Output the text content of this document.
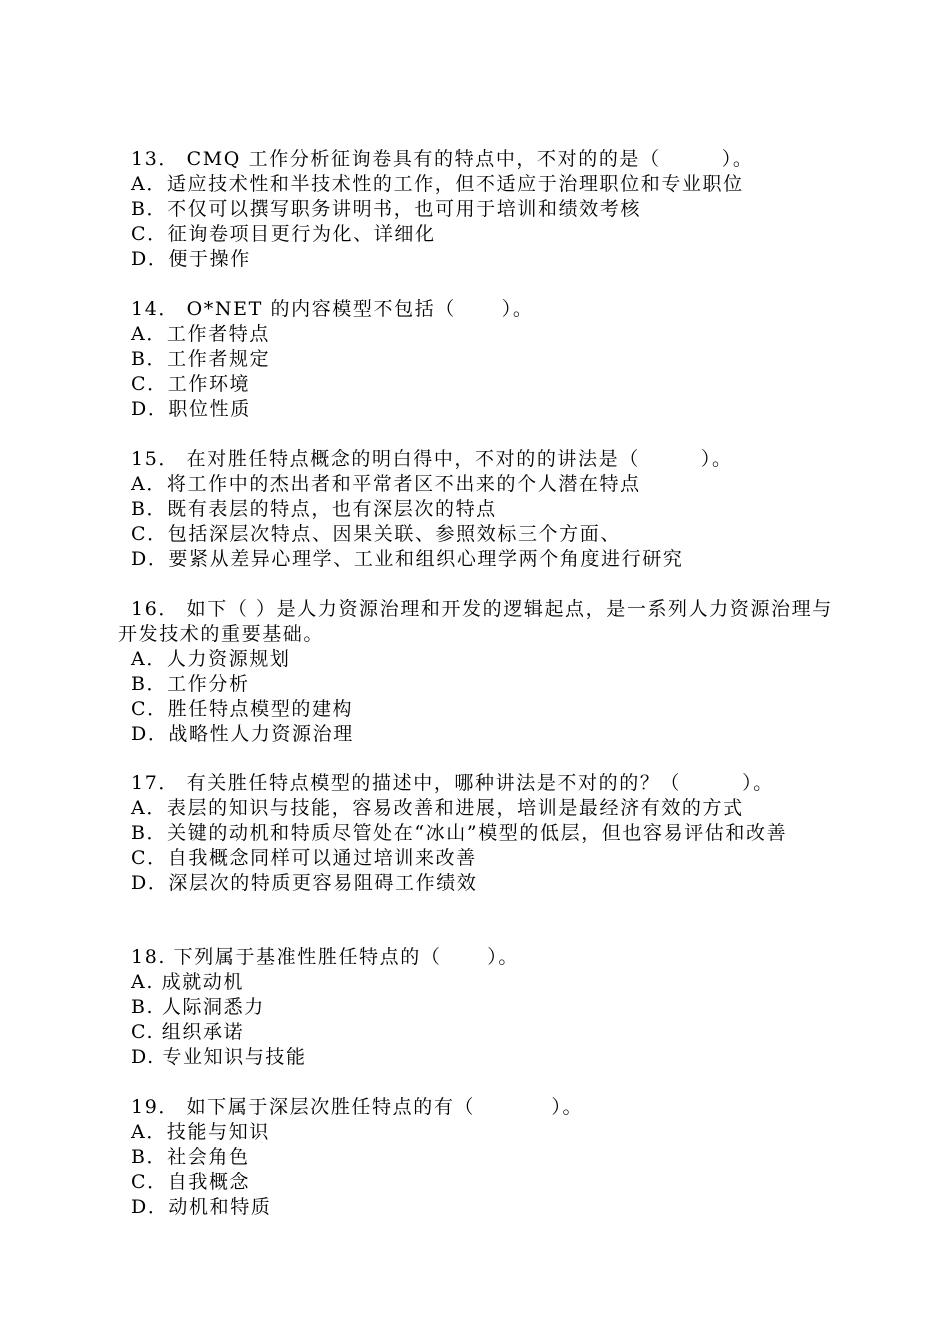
13． CMQ 工作分析征询卷具有的特点中，不对的的是（        ）。
A．适应技术性和半技术性的工作，但不适应于治理职位和专业职位
B．不仅可以撰写职务讲明书，也可用于培训和绩效考核
C．征询卷项目更行为化、详细化
D．便于操作
14． O*NET 的内容模型不包括（      ）。
A．工作者特点
B．工作者规定
C．工作环境
D．职位性质
15． 在对胜任特点概念的明白得中，不对的的讲法是（        ）。
A．将工作中的杰出者和平常者区不出来的个人潜在特点
B．既有表层的特点，也有深层次的特点
C．包括深层次特点、因果关联、参照效标三个方面、
D．要紧从差异心理学、工业和组织心理学两个角度进行研究
16． 如下（ ）是人力资源治理和开发的逻辑起点，是一系列人力资源治理与开发技术的重要基础。
A．人力资源规划
B．工作分析
C．胜任特点模型的建构
D．战略性人力资源治理
17． 有关胜任特点模型的描述中，哪种讲法是不对的的？（        ）。
A．表层的知识与技能，容易改善和进展，培训是最经济有效的方式
B．关键的动机和特质尽管处在“冰山”模型的低层，但也容易评估和改善
C．自我概念同样可以通过培训来改善
D．深层次的特质更容易阻碍工作绩效
18. 下列属于基准性胜任特点的（      ）。
A. 成就动机
B. 人际洞悉力
C. 组织承诺
D. 专业知识与技能
19． 如下属于深层次胜任特点的有（          ）。
A．技能与知识
B．社会角色
C．自我概念
D．动机和特质
